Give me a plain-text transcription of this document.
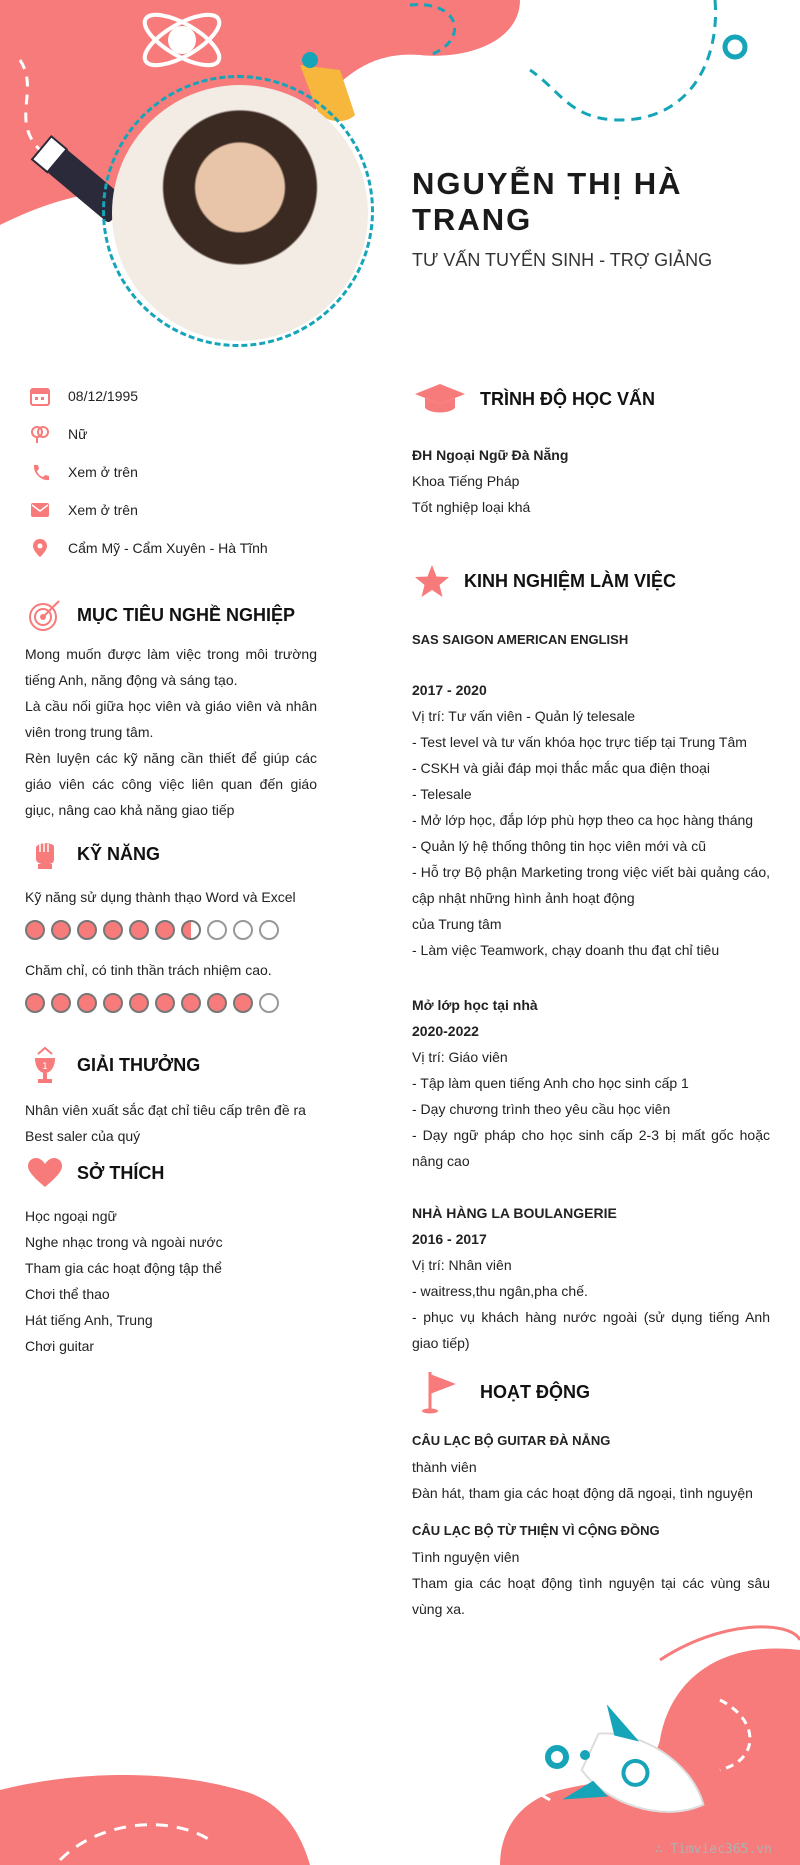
NGUYỄN THỊ HÀ TRANG
TƯ VẤN TUYỂN SINH - TRỢ GIẢNG
08/12/1995
Nữ
Xem ở trên
Xem ở trên
Cẩm Mỹ - Cẩm Xuyên - Hà Tĩnh
MỤC TIÊU NGHỀ NGHIỆP
Mong muốn được làm việc trong môi trường tiếng Anh, năng động và sáng tạo.
Là cầu nối giữa học viên và giáo viên và nhân viên trong trung tâm.
Rèn luyện các kỹ năng cần thiết để giúp các giáo viên các công việc liên quan đến giáo giục, nâng cao khả năng giao tiếp
KỸ NĂNG
Kỹ năng sử dụng thành thạo Word và Excel
Chăm chỉ, có tinh thần trách nhiệm cao.
1 GIẢI THƯỞNG
Nhân viên xuất sắc đạt chỉ tiêu cấp trên đề ra
Best saler của quý
SỞ THÍCH
Học ngoại ngữ
Nghe nhạc trong và ngoài nước
Tham gia các hoạt động tập thể
Chơi thể thao
Hát tiếng Anh, Trung
Chơi guitar
TRÌNH ĐỘ HỌC VẤN
ĐH Ngoại Ngữ Đà Nẵng
Khoa Tiếng Pháp
Tốt nghiệp loại khá
KINH NGHIỆM LÀM VIỆC
SAS SAIGON AMERICAN ENGLISH
2017 - 2020
Vị trí: Tư vấn viên - Quản lý telesale
- Test level và tư vấn khóa học trực tiếp tại Trung Tâm
- CSKH và giải đáp mọi thắc mắc qua điện thoại
- Telesale
- Mở lớp học, đắp lớp phù hợp theo ca học hàng tháng
- Quản lý hệ thống thông tin học viên mới và cũ
- Hỗ trợ Bộ phận Marketing trong việc viết bài quảng cáo, cập nhật những hình ảnh hoạt động
của Trung tâm
- Làm việc Teamwork, chạy doanh thu đạt chỉ tiêu
Mở lớp học tại nhà
2020-2022
Vị trí: Giáo viên
- Tập làm quen tiếng Anh cho học sinh cấp 1
- Dạy chương trình theo yêu cầu học viên
- Dạy ngữ pháp cho học sinh cấp 2-3 bị mất gốc hoặc nâng cao
NHÀ HÀNG LA BOULANGERIE
2016 - 2017
Vị trí: Nhân viên
- waitress,thu ngân,pha chế.
- phục vụ khách hàng nước ngoài (sử dụng tiếng Anh giao tiếp)
HOẠT ĐỘNG
CÂU LẠC BỘ GUITAR ĐÀ NẴNG
thành viên
Đàn hát, tham gia các hoạt động dã ngoại, tình nguyện
CÂU LẠC BỘ TỪ THIỆN VÌ CỘNG ĐỒNG
Tình nguyện viên
Tham gia các hoạt động tình nguyện tại các vùng sâu vùng xa.
∴ Timviec365.vn
